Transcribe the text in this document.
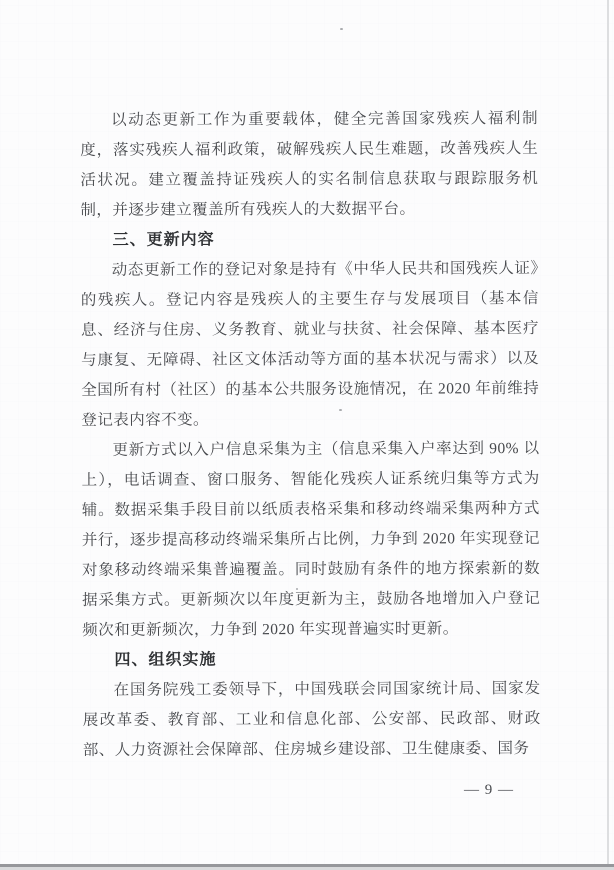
以动态更新工作为重要载体，健全完善国家残疾人福利制度，落实残疾人福利政策，破解残疾人民生难题，改善残疾人生活状况。建立覆盖持证残疾人的实名制信息获取与跟踪服务机制，并逐步建立覆盖所有残疾人的大数据平台。

三、更新内容

动态更新工作的登记对象是持有《中华人民共和国残疾人证》的残疾人。登记内容是残疾人的主要生存与发展项目（基本信息、经济与住房、义务教育、就业与扶贫、社会保障、基本医疗与康复、无障碍、社区文体活动等方面的基本状况与需求）以及全国所有村（社区）的基本公共服务设施情况，在 2020 年前维持登记表内容不变。

更新方式以入户信息采集为主（信息采集入户率达到 90% 以上），电话调查、窗口服务、智能化残疾人证系统归集等方式为辅。数据采集手段目前以纸质表格采集和移动终端采集两种方式并行，逐步提高移动终端采集所占比例，力争到 2020 年实现登记对象移动终端采集普遍覆盖。同时鼓励有条件的地方探索新的数据采集方式。更新频次以年度更新为主，鼓励各地增加入户登记频次和更新频次，力争到 2020 年实现普遍实时更新。

四、组织实施

在国务院残工委领导下，中国残联会同国家统计局、国家发展改革委、教育部、工业和信息化部、公安部、民政部、财政部、人力资源社会保障部、住房城乡建设部、卫生健康委、国务

— 9 —
